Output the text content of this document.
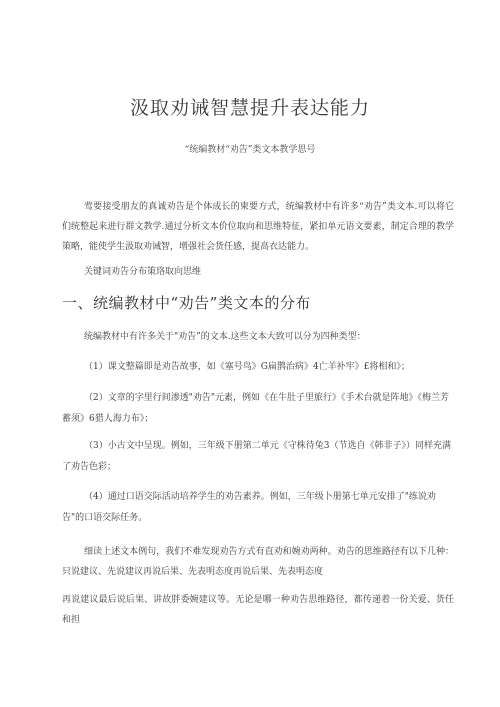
汲取劝诫智慧提升表达能力
“统编教材“劝告”类文本教学思号
莺要接受朋友的真诚劝告是个体成长的柬要方式，统编教材中有许多“劝告”类文本.可以将它们统整起来进行群文教学.通过分析文本价位取向和思维特征，紧扣单元语文要素，制定合理的教学策略，能使学生汲取劝诫智，增强社会货任感，提高衣达能力。
关键词劝告分布策珞取向思维
一、统编教材中“劝告”类文本的分布
统编教材中有许多关于"劝告”的文本.这些文本大致可以分为四种类型：
（1）课文整篇即是劝告故事，如《塞号鸟》G扁鹊治病》4亡羊补牢》£将相和》；
（2）文章的字里行间渗透"劝告"元素，例如《在牛肚子里旅行》《手术台就是阵地》《梅兰芳蓄须》6猎人海力布》；
（3）小古文中呈现。例如，三年级下册第二单元《守株待兔3（节选自《韩非子》）同样充满了劝告色彩；
（4）通过口语交际活动培养学生的劝告素养。例如，三年级卜册第七单元安排了"练说劝告"的口语交际任务。
细读上述文本例句，我们不难发现劝告方式有直劝和婉劝两种。劝告的思维路径有以下几种：只说建议、先说建议再说后果、先表明态度再说后果、先表明态度
再说建议最后说后果、讲故胖委婉建议等。无论是哪一种劝告思维路径，都传递着一份关爱、货任和担
